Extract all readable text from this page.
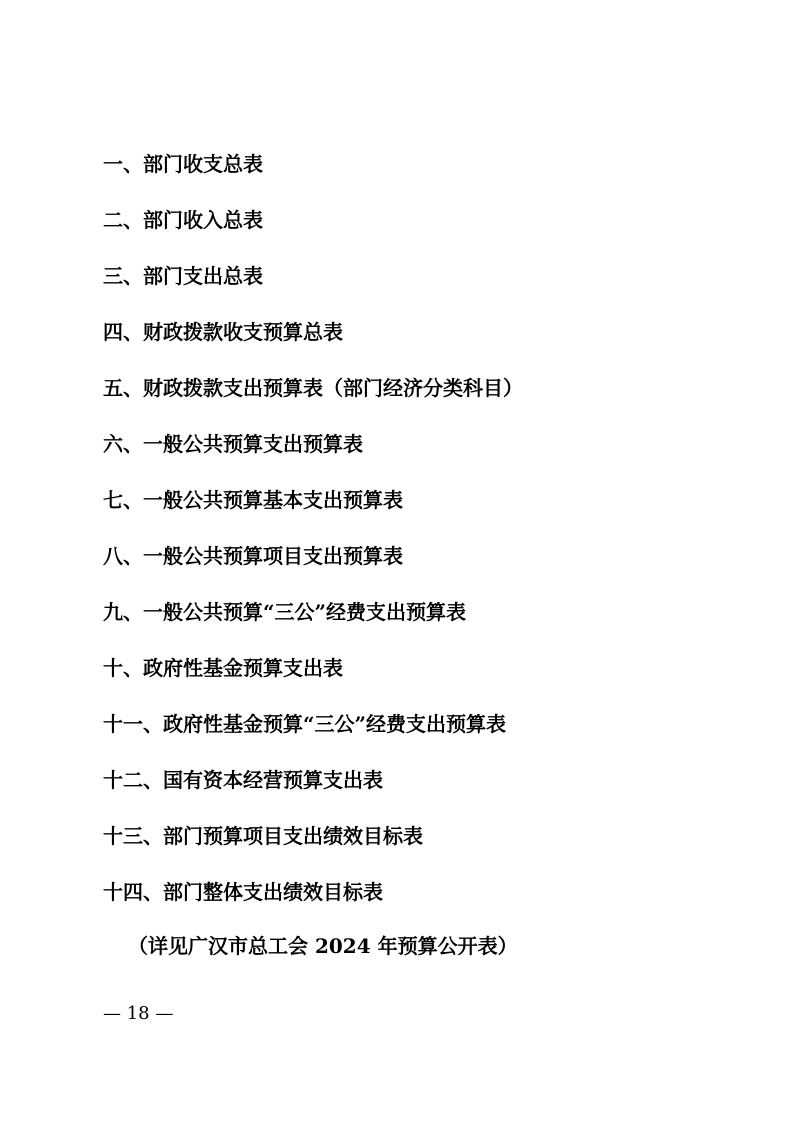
一、部门收支总表
二、部门收入总表
三、部门支出总表
四、财政拨款收支预算总表
五、财政拨款支出预算表（部门经济分类科目）
六、一般公共预算支出预算表
七、一般公共预算基本支出预算表
八、一般公共预算项目支出预算表
九、一般公共预算“三公”经费支出预算表
十、政府性基金预算支出表
十一、政府性基金预算“三公”经费支出预算表
十二、国有资本经营预算支出表
十三、部门预算项目支出绩效目标表
十四、部门整体支出绩效目标表
（详见广汉市总工会 2024 年预算公开表）
— 18 —
